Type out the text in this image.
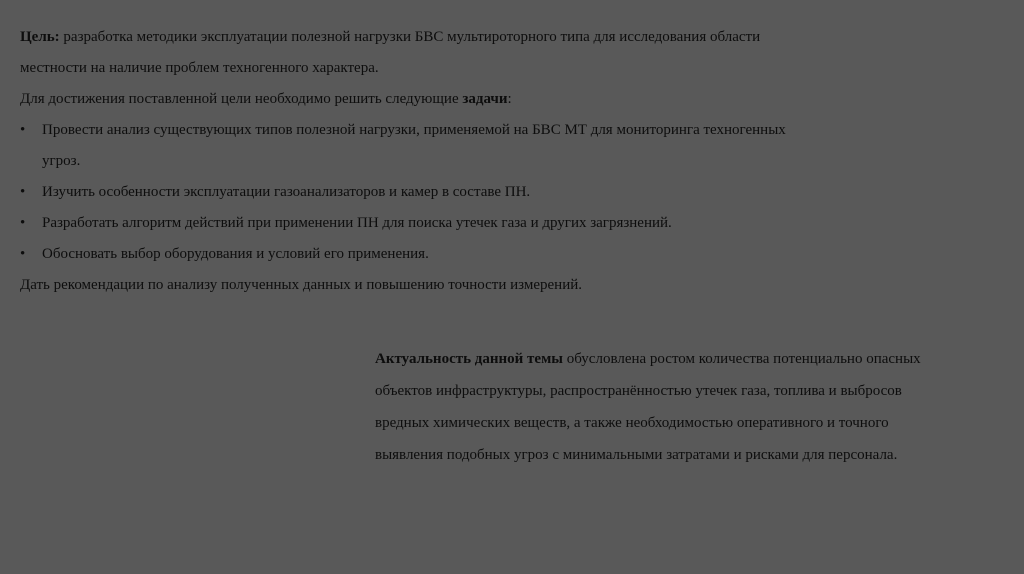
Цель: разработка методики эксплуатации полезной нагрузки БВС мультироторного типа для исследования области
местности на наличие проблем техногенного характера.
Для достижения поставленной цели необходимо решить следующие задачи:
• Провести анализ существующих типов полезной нагрузки, применяемой на БВС МТ для мониторинга техногенных
угроз.
• Изучить особенности эксплуатации газоанализаторов и камер в составе ПН.
• Разработать алгоритм действий при применении ПН для поиска утечек газа и других загрязнений.
• Обосновать выбор оборудования и условий его применения.
Дать рекомендации по анализу полученных данных и повышению точности измерений.
Актуальность данной темы обусловлена ростом количества потенциально опасных
объектов инфраструктуры, распространённостью утечек газа, топлива и выбросов
вредных химических веществ, а также необходимостью оперативного и точного
выявления подобных угроз с минимальными затратами и рисками для персонала.
